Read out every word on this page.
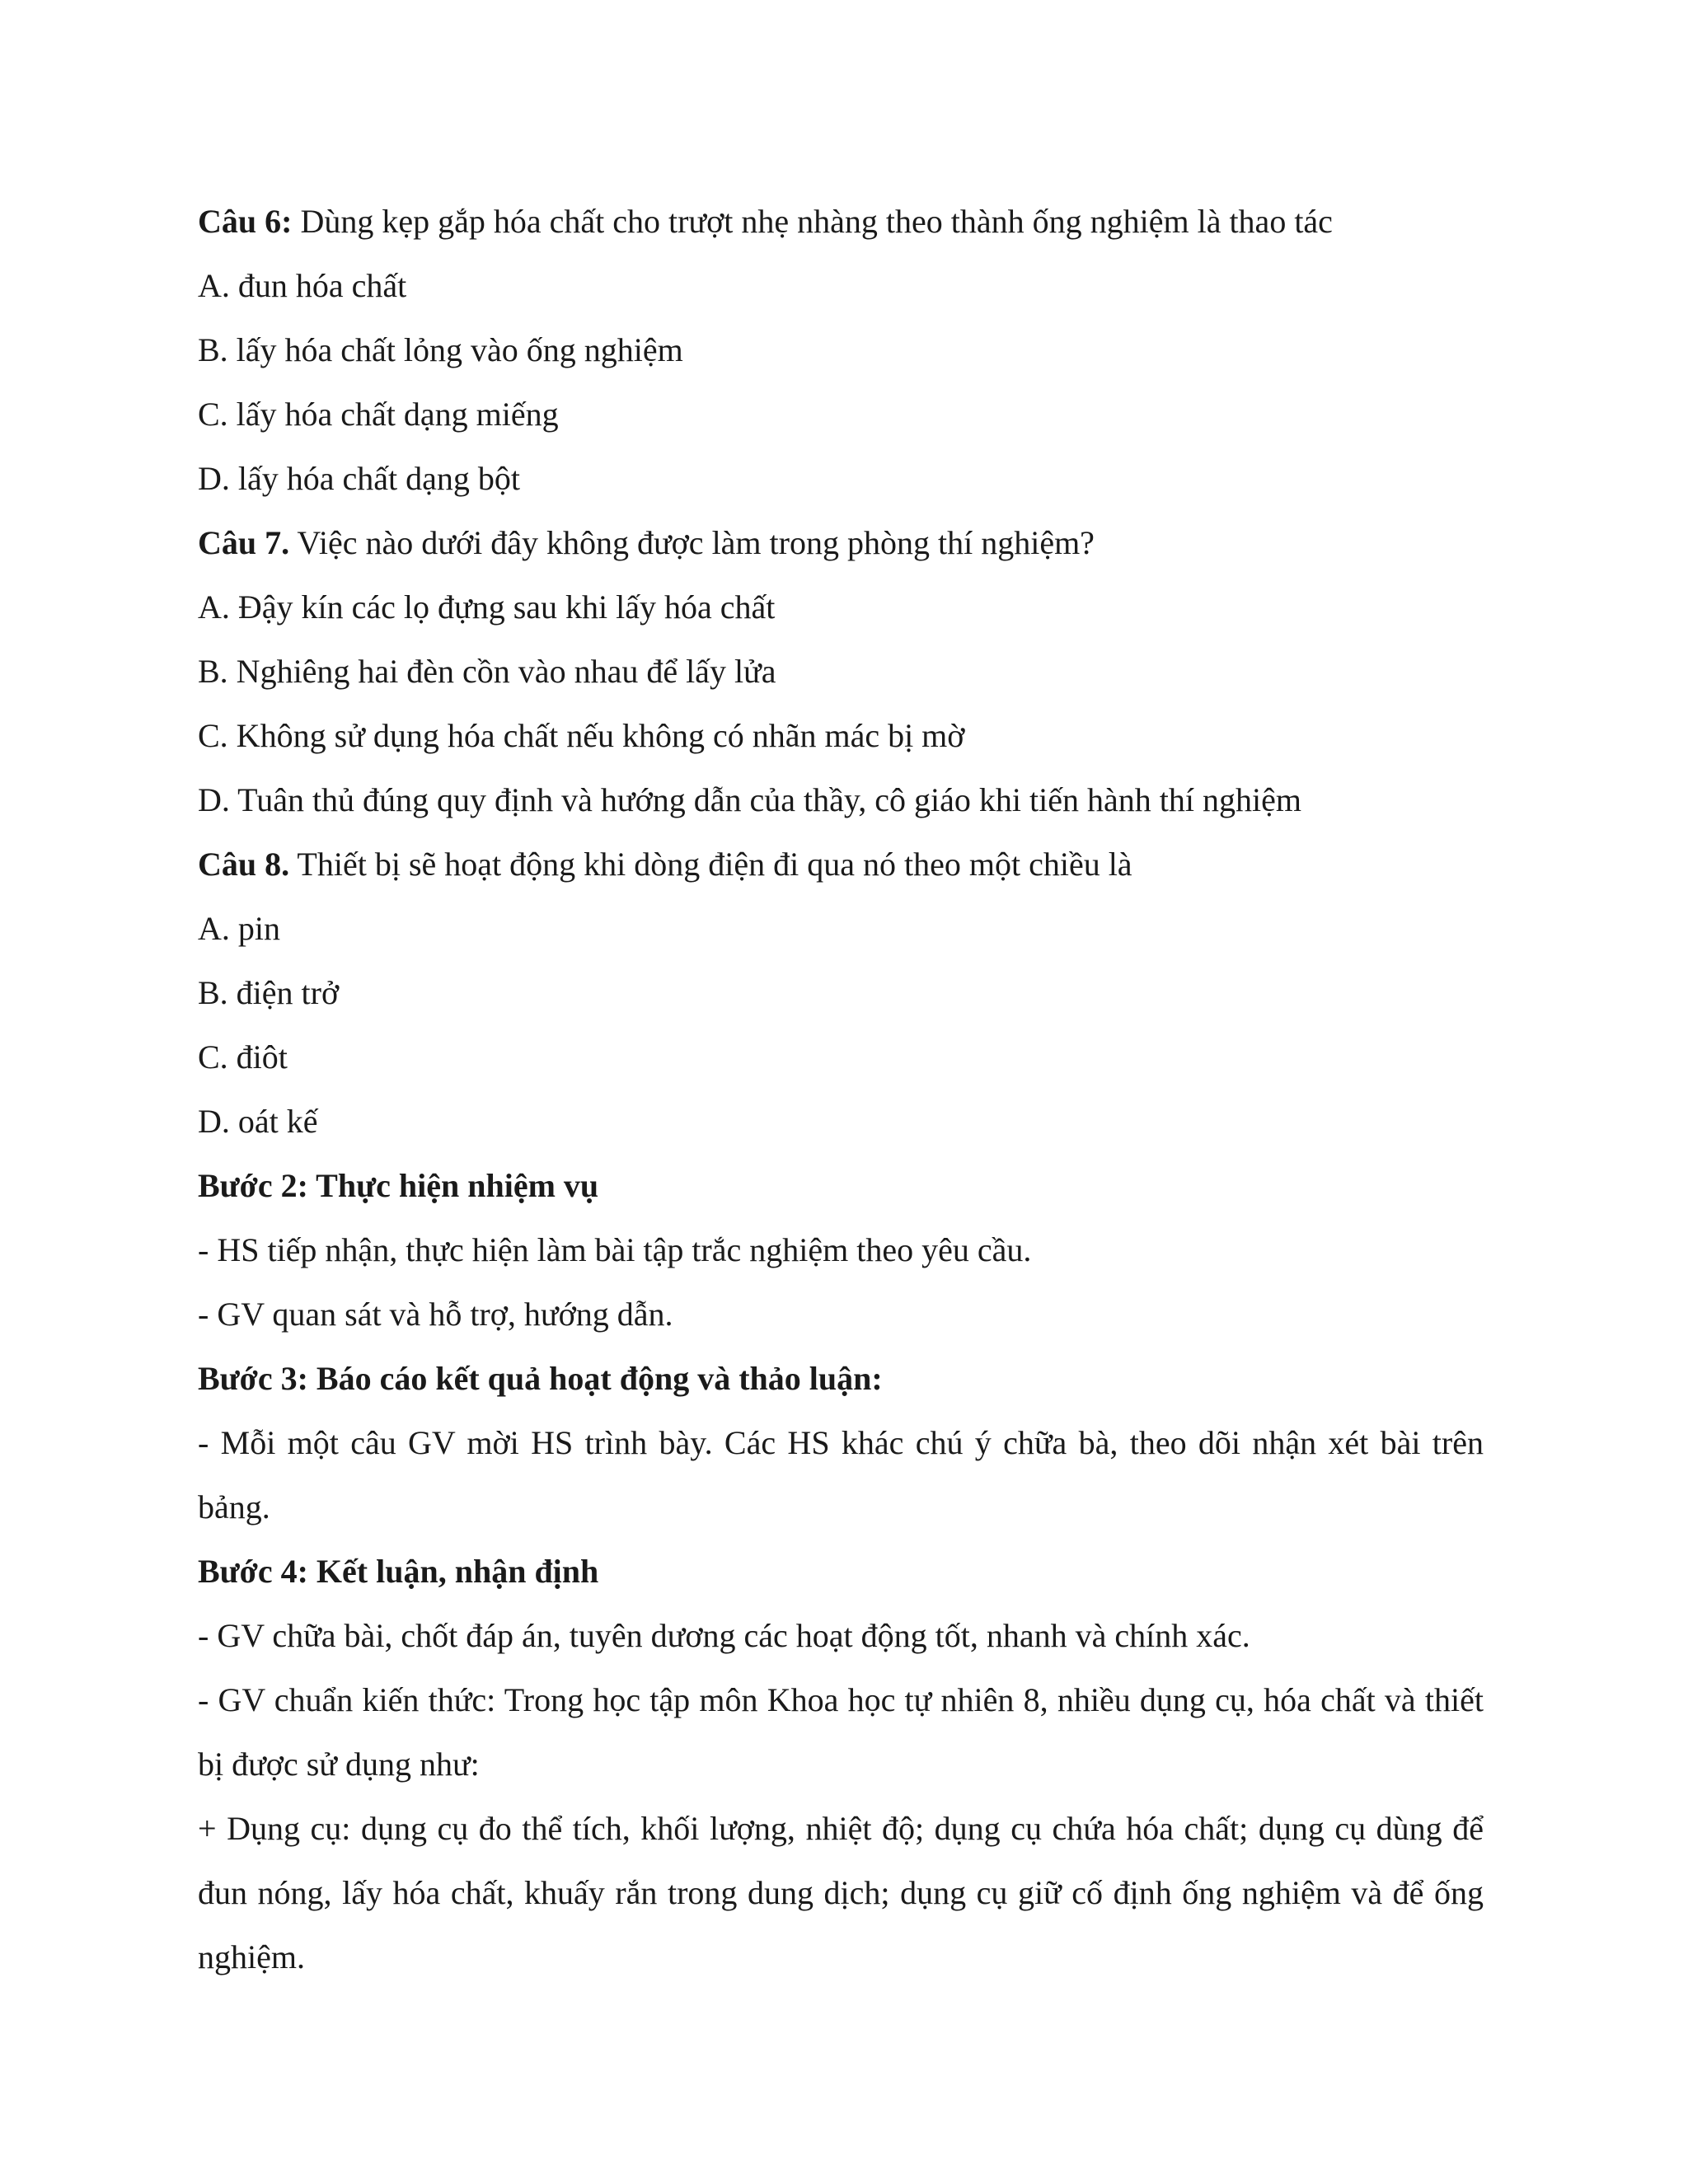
Câu 6: Dùng kẹp gắp hóa chất cho trượt nhẹ nhàng theo thành ống nghiệm là thao tác

A. đun hóa chất

B. lấy hóa chất lỏng vào ống nghiệm

C. lấy hóa chất dạng miếng

D. lấy hóa chất dạng bột

Câu 7. Việc nào dưới đây không được làm trong phòng thí nghiệm?

A. Đậy kín các lọ đựng sau khi lấy hóa chất

B. Nghiêng hai đèn cồn vào nhau để lấy lửa

C. Không sử dụng hóa chất nếu không có nhãn mác bị mờ

D. Tuân thủ đúng quy định và hướng dẫn của thầy, cô giáo khi tiến hành thí nghiệm

Câu 8. Thiết bị sẽ hoạt động khi dòng điện đi qua nó theo một chiều là

A. pin

B. điện trở

C. điôt

D. oát kế

Bước 2: Thực hiện nhiệm vụ

- HS tiếp nhận, thực hiện làm bài tập trắc nghiệm theo yêu cầu.

- GV quan sát và hỗ trợ, hướng dẫn.

Bước 3: Báo cáo kết quả hoạt động và thảo luận:

- Mỗi một câu GV mời HS trình bày. Các HS khác chú ý chữa bà, theo dõi nhận xét bài trên bảng.

Bước 4: Kết luận, nhận định

- GV chữa bài, chốt đáp án, tuyên dương các hoạt động tốt, nhanh và chính xác.

- GV chuẩn kiến thức: Trong học tập môn Khoa học tự nhiên 8, nhiều dụng cụ, hóa chất và thiết bị được sử dụng như:

+ Dụng cụ: dụng cụ đo thể tích, khối lượng, nhiệt độ; dụng cụ chứa hóa chất; dụng cụ dùng để đun nóng, lấy hóa chất, khuấy rắn trong dung dịch; dụng cụ giữ cố định ống nghiệm và để ống nghiệm.
